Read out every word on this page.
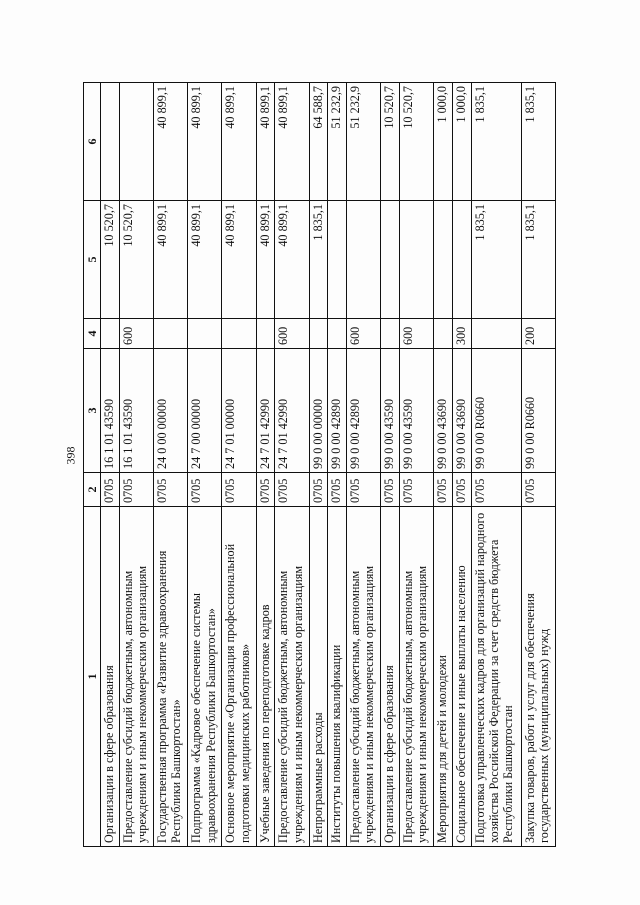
398
1	2	3	4	5	6
Организации в сфере образования	0705	16 1 01 43590		10 520,7	
Предоставление субсидий бюджетным, автономным учреждениям и иным некоммерческим организациям	0705	16 1 01 43590	600	10 520,7	
Государственная программа «Развитие здравоохранения Республики Башкортостан»	0705	24 0 00 00000		40 899,1	40 899,1
Подпрограмма «Кадровое обеспечение системы здравоохранения Республики Башкортостан»	0705	24 7 00 00000		40 899,1	40 899,1
Основное мероприятие «Организация профессиональной подготовки медицинских работников»	0705	24 7 01 00000		40 899,1	40 899,1
Учебные заведения по переподготовке кадров	0705	24 7 01 42990		40 899,1	40 899,1
Предоставление субсидий бюджетным, автономным учреждениям и иным некоммерческим организациям	0705	24 7 01 42990	600	40 899,1	40 899,1
Непрограммные расходы	0705	99 0 00 00000		1 835,1	64 588,7
Институты повышения квалификации	0705	99 0 00 42890			51 232,9
Предоставление субсидий бюджетным, автономным учреждениям и иным некоммерческим организациям	0705	99 0 00 42890	600		51 232,9
Организации в сфере образования	0705	99 0 00 43590			10 520,7
Предоставление субсидий бюджетным, автономным учреждениям и иным некоммерческим организациям	0705	99 0 00 43590	600		10 520,7
Мероприятия для детей и молодежи	0705	99 0 00 43690			1 000,0
Социальное обеспечение и иные выплаты населению	0705	99 0 00 43690	300		1 000,0
Подготовка управленческих кадров для организаций народного хозяйства Российской Федерации за счет средств бюджета Республики Башкортостан	0705	99 0 00 R0660		1 835,1	1 835,1
Закупка товаров, работ и услуг для обеспечения государственных (муниципальных) нужд	0705	99 0 00 R0660	200	1 835,1	1 835,1
